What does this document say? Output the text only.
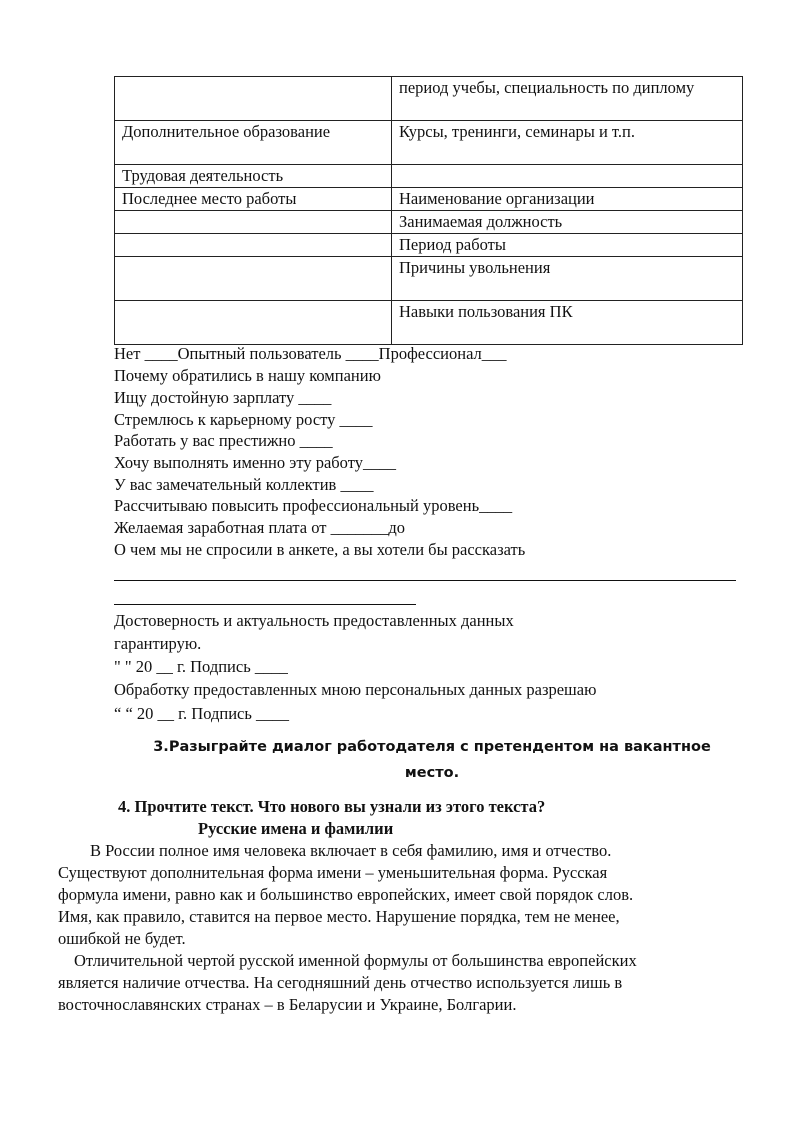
	период учебы, специальность по диплому
Дополнительное образование	Курсы, тренинги, семинары и т.п.
Трудовая деятельность	
Последнее место работы	Наименование организации
	Занимаемая должность
	Период работы
	Причины увольнения
	Навыки пользования ПК

Нет ____Опытный пользователь ____Профессионал___

Почему обратились в нашу компанию

Ищу достойную зарплату ____

Стремлюсь к карьерному росту ____

Работать у вас престижно ____

Хочу выполнять именно эту работу____

У вас замечательный коллектив ____

Рассчитываю повысить профессиональный уровень____

Желаемая заработная плата от _______до

О чем мы не спросили в анкете, а вы хотели бы рассказать

Достоверность и актуальность предоставленных данных

гарантирую.

" " 20 __ г. Подпись ____

Обработку предоставленных мною персональных данных разрешаю

“ “ 20 __ г. Подпись ____

3.Разыграйте диалог работодателя с претендентом на вакантное

место.

4. Прочтите текст. Что нового вы узнали из этого текста?

Русские имена и фамилии

В России полное имя человека включает в себя фамилию, имя и отчество.

Существуют дополнительная форма имени – уменьшительная форма. Русская

формула имени, равно как и большинство европейских, имеет свой порядок слов.

Имя, как правило, ставится на первое место. Нарушение порядка, тем не менее,

ошибкой не будет.

Отличительной чертой русской именной формулы от большинства европейских

является наличие отчества. На сегодняшний день отчество используется лишь в

восточнославянских странах – в Беларусии и Украине, Болгарии.
